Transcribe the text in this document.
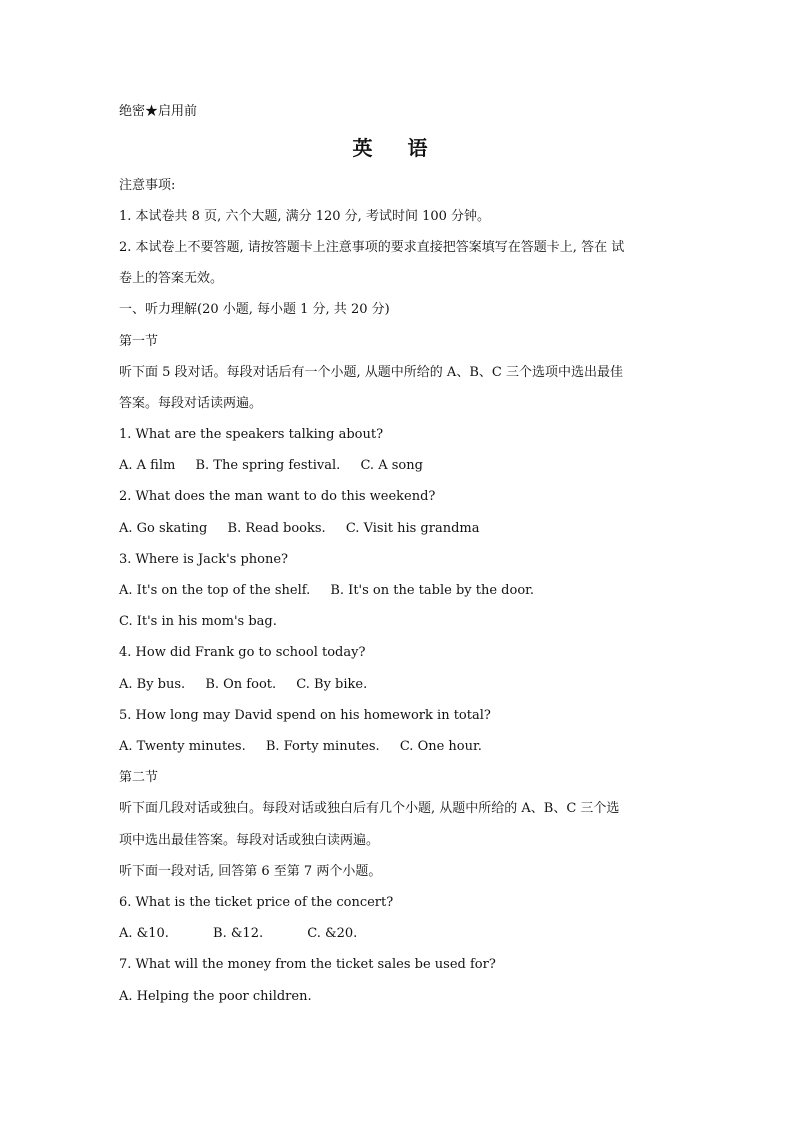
绝密★启用前
英 语
注意事项:
1. 本试卷共 8 页, 六个大题, 满分 120 分, 考试时间 100 分钟。
2. 本试卷上不要答题, 请按答题卡上注意事项的要求直接把答案填写在答题卡上, 答在 试
卷上的答案无效。
一、听力理解(20 小题, 每小题 1 分, 共 20 分)
第一节
听下面 5 段对话。每段对话后有一个小题, 从题中所给的 A、B、C 三个选项中选出最佳
答案。每段对话读两遍。
1. What are the speakers talking about?
A. A film B. The spring festival. C. A song
2. What does the man want to do this weekend?
A. Go skating B. Read books. C. Visit his grandma
3. Where is Jack's phone?
A. It's on the top of the shelf. B. It's on the table by the door.
C. It's in his mom's bag.
4. How did Frank go to school today?
A. By bus. B. On foot. C. By bike.
5. How long may David spend on his homework in total?
A. Twenty minutes. B. Forty minutes. C. One hour.
第二节
听下面几段对话或独白。每段对话或独白后有几个小题, 从题中所给的 A、B、C 三个选
项中选出最佳答案。每段对话或独白读两遍。
听下面一段对话, 回答第 6 至第 7 两个小题。
6. What is the ticket price of the concert?
A. &10.	B. &12.	C. &20.
7. What will the money from the ticket sales be used for?
A. Helping the poor children.
